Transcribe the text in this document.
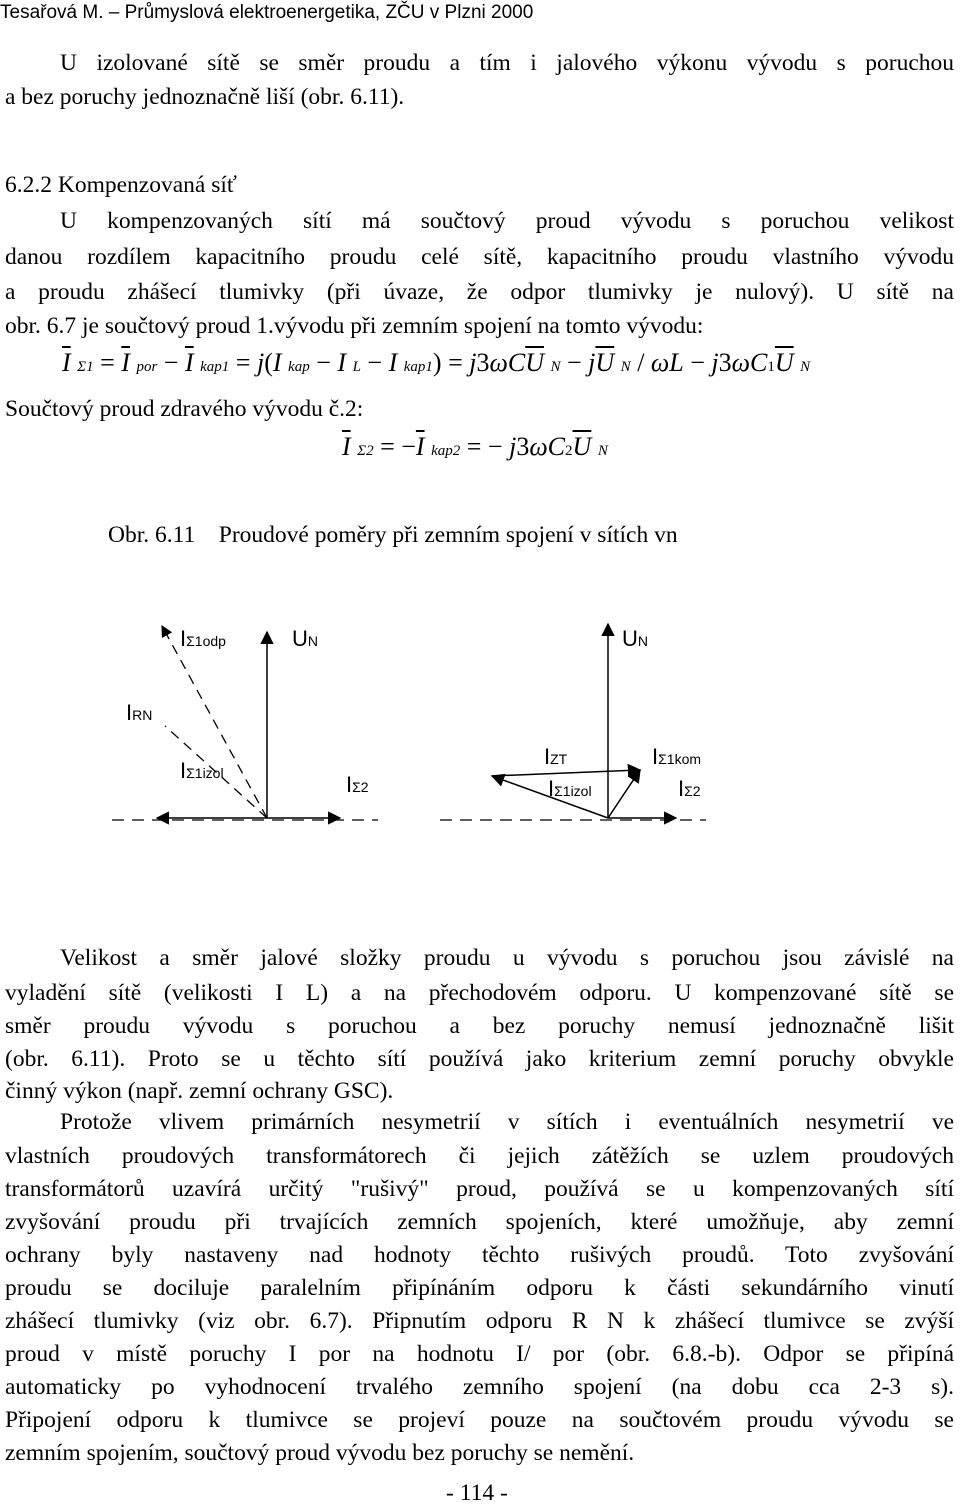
Tesařová M. – Průmyslová elektroenergetika, ZČU v Plzni 2000
U izolované sítě se směr proudu a tím i jalového výkonu vývodu s poruchou
a bez poruchy jednoznačně liší (obr. 6.11).
6.2.2 Kompenzovaná síť
U kompenzovaných sítí má součtový proud vývodu s poruchou velikost
danou rozdílem kapacitního proudu celé sítě, kapacitního proudu vlastního vývodu
a proudu zhášecí tlumivky (při úvaze, že odpor tlumivky je nulový). U sítě na
obr. 6.7 je součtový proud 1.vývodu při zemním spojení na tomto vývodu:
$\overline{I}$ $\Sigma 1 = \overline{I}$ por − $\overline{I}$ kap1 = j(I kap − I L − I $kap1) = j3\omega C\overline{U}$ $N - j\overline{U}$ $N / \omega L - j3\omega C1\overline{U}$ N
Součtový proud zdravého vývodu č.2:
$\overline{I}$ $\Sigma 2 = -\overline{I}$ kap2 = − $j3\omega C2\overline{U}$ N
Obr. 6.11    Proudové poměry při zemním spojení v sítích vn
IΣ1odp	UN
IRN
IΣ1izol	IΣ2
UN
IZT	IΣ1kom
IΣ1izol	IΣ2
Velikost a směr jalové složky proudu u vývodu s poruchou jsou závislé na
vyladění sítě (velikosti I L) a na přechodovém odporu. U kompenzované sítě se
směr proudu vývodu s poruchou a bez poruchy nemusí jednoznačně lišit
(obr. 6.11). Proto se u těchto sítí používá jako kriterium zemní poruchy obvykle
činný výkon (např. zemní ochrany GSC).
Protože vlivem primárních nesymetrií v sítích i eventuálních nesymetrií ve
vlastních proudových transformátorech či jejich zátěžích se uzlem proudových
transformátorů uzavírá určitý "rušivý" proud, používá se u kompenzovaných sítí
zvyšování proudu při trvajících zemních spojeních, které umožňuje, aby zemní
ochrany byly nastaveny nad hodnoty těchto rušivých proudů. Toto zvyšování
proudu se dociluje paralelním připínáním odporu k části sekundárního vinutí
zhášecí tlumivky (viz obr. 6.7). Připnutím odporu R N k zhášecí tlumivce se zvýší
proud v místě poruchy I por na hodnotu I/ por (obr. 6.8.-b). Odpor se připíná
automaticky po vyhodnocení trvalého zemního spojení (na dobu cca 2-3 s).
Připojení odporu k tlumivce se projeví pouze na součtovém proudu vývodu se
zemním spojením, součtový proud vývodu bez poruchy se nemění.
- 114 -
